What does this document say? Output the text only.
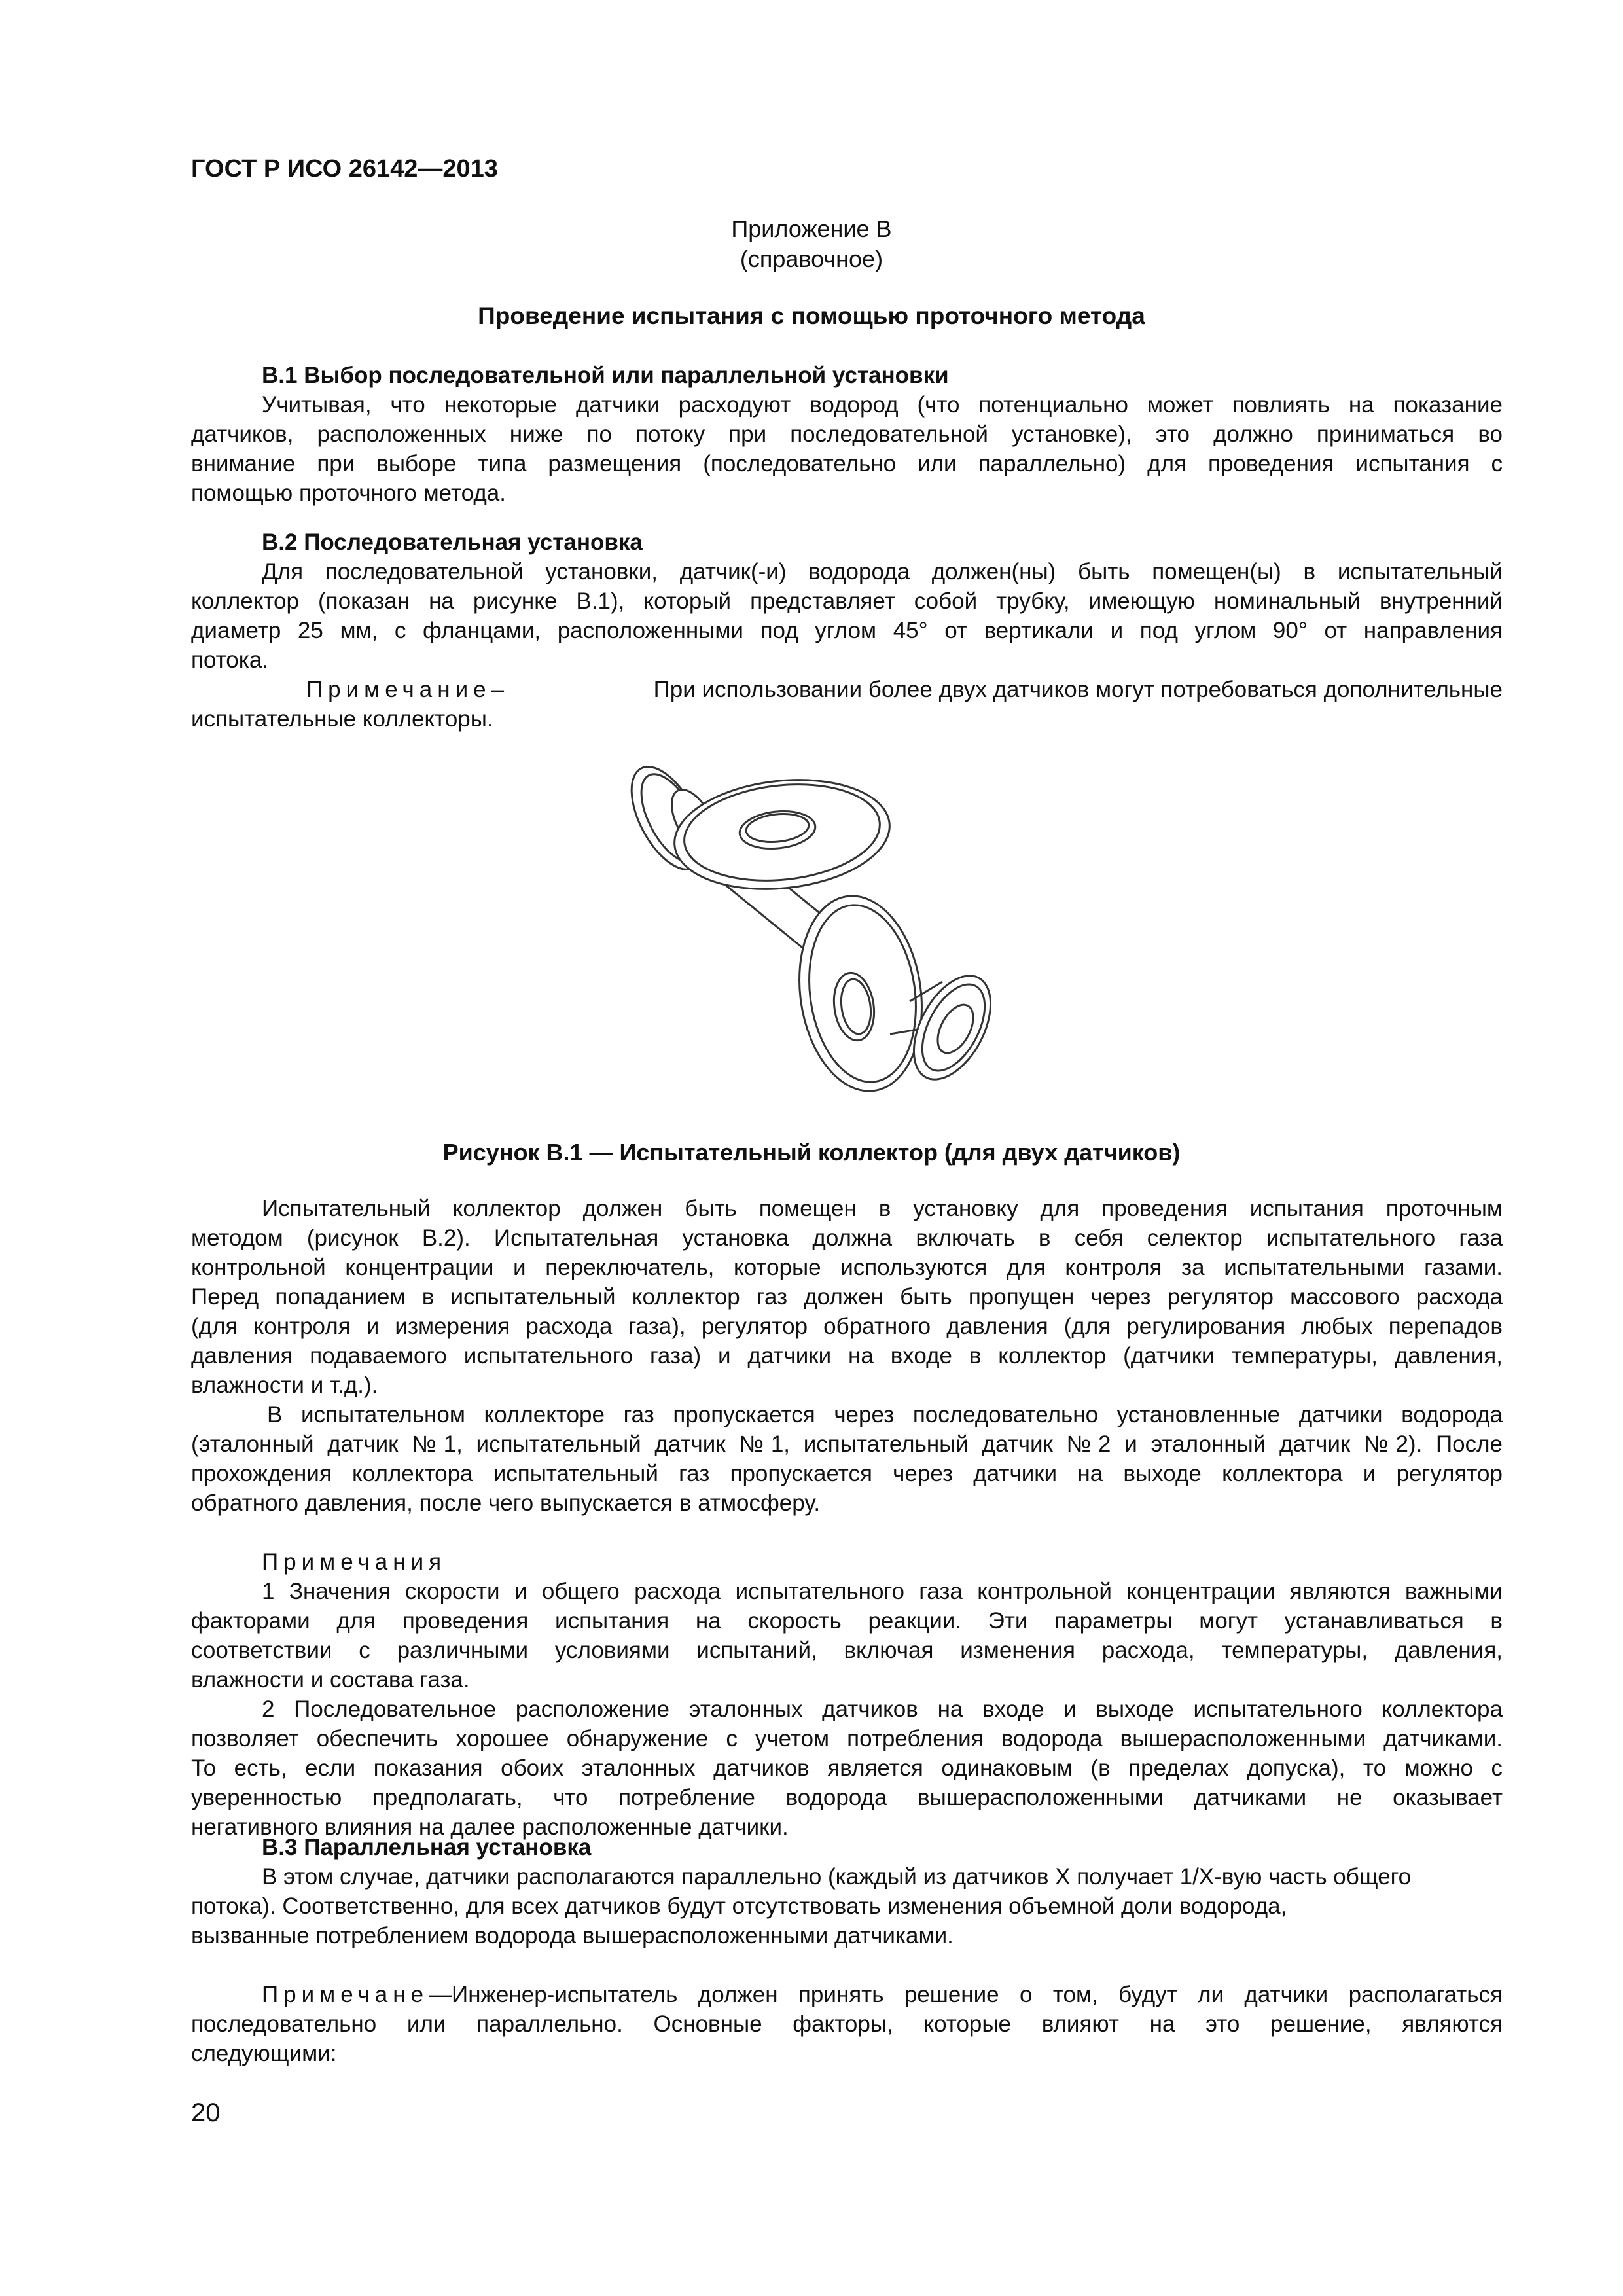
ГОСТ Р ИСО 26142—2013
Приложение В
(справочное)
Проведение испытания с помощью проточного метода
В.1 Выбор последовательной или параллельной установки
Учитывая, что некоторые датчики расходуют водород (что потенциально может повлиять на показание
датчиков, расположенных ниже по потоку при последовательной установке), это должно приниматься во
внимание при выборе типа размещения (последовательно или параллельно) для проведения испытания с
помощью проточного метода.
В.2 Последовательная установка
Для последовательной установки, датчик(-и) водорода должен(ны) быть помещен(ы) в испытательный
коллектор (показан на рисунке В.1), который представляет собой трубку, имеющую номинальный внутренний
диаметр 25 мм, с фланцами, расположенными под углом 45° от вертикали и под углом 90° от направления
потока.
Примечание–	При использовании более двух датчиков могут потребоваться дополнительные
испытательные коллекторы.
Рисунок В.1 — Испытательный коллектор (для двух датчиков)
Испытательный коллектор должен быть помещен в установку для проведения испытания проточным
методом (рисунок В.2). Испытательная установка должна включать в себя селектор испытательного газа
контрольной концентрации и переключатель, которые используются для контроля за испытательными газами.
Перед попаданием в испытательный коллектор газ должен быть пропущен через регулятор массового расхода
(для контроля и измерения расхода газа), регулятор обратного давления (для регулирования любых перепадов
давления подаваемого испытательного газа) и датчики на входе в коллектор (датчики температуры, давления,
влажности и т.д.).
В испытательном коллекторе газ пропускается через последовательно установленные датчики водорода
(эталонный датчик №1, испытательный датчик №1, испытательный датчик №2 и эталонный датчик №2). После
прохождения коллектора испытательный газ пропускается через датчики на выходе коллектора и регулятор
обратного давления, после чего выпускается в атмосферу.
Примечания
1 Значения скорости и общего расхода испытательного газа контрольной концентрации являются важными
факторами для проведения испытания на скорость реакции. Эти параметры могут устанавливаться в
соответствии с различными условиями испытаний, включая изменения расхода, температуры, давления,
влажности и состава газа.
2 Последовательное расположение эталонных датчиков на входе и выходе испытательного коллектора
позволяет обеспечить хорошее обнаружение с учетом потребления водорода вышерасположенными датчиками.
То есть, если показания обоих эталонных датчиков является одинаковым (в пределах допуска), то можно с
уверенностью предполагать, что потребление водорода вышерасположенными датчиками не оказывает
негативного влияния на далее расположенные датчики.
В.3 Параллельная установка
В этом случае, датчики располагаются параллельно (каждый из датчиков X получает 1/X-вую часть общего
потока). Соответственно, для всех датчиков будут отсутствовать изменения объемной доли водорода,
вызванные потреблением водорода вышерасположенными датчиками.
Примечане — Инженер-испытатель должен принять решение о том, будут ли датчики располагаться
последовательно или параллельно. Основные факторы, которые влияют на это решение, являются
следующими:
20
